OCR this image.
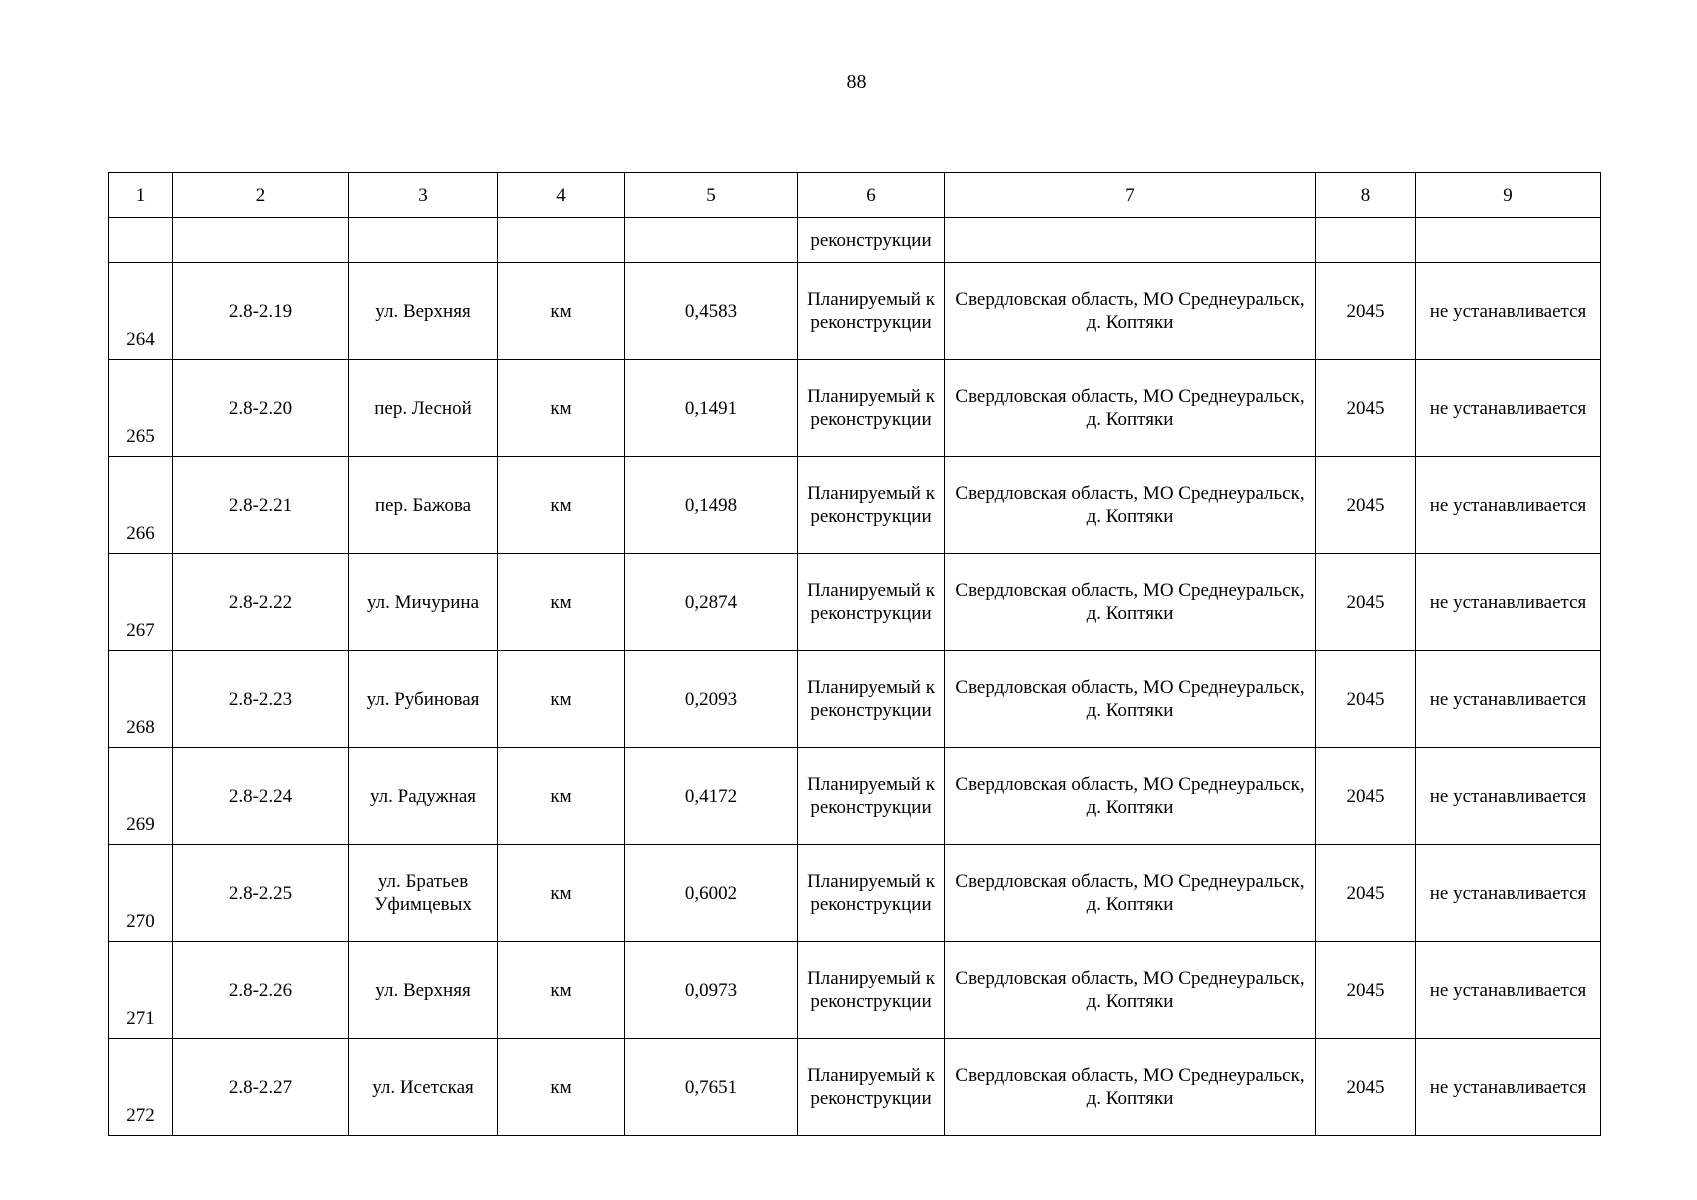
88
1	2	3	4	5	6	7	8	9
					реконструкции			
264	2.8-2.19	ул. Верхняя	км	0,4583	Планируемый к реконструкции	Свердловская область, МО Среднеуральск, д. Коптяки	2045	не устанавливается
265	2.8-2.20	пер. Лесной	км	0,1491	Планируемый к реконструкции	Свердловская область, МО Среднеуральск, д. Коптяки	2045	не устанавливается
266	2.8-2.21	пер. Бажова	км	0,1498	Планируемый к реконструкции	Свердловская область, МО Среднеуральск, д. Коптяки	2045	не устанавливается
267	2.8-2.22	ул. Мичурина	км	0,2874	Планируемый к реконструкции	Свердловская область, МО Среднеуральск, д. Коптяки	2045	не устанавливается
268	2.8-2.23	ул. Рубиновая	км	0,2093	Планируемый к реконструкции	Свердловская область, МО Среднеуральск, д. Коптяки	2045	не устанавливается
269	2.8-2.24	ул. Радужная	км	0,4172	Планируемый к реконструкции	Свердловская область, МО Среднеуральск, д. Коптяки	2045	не устанавливается
270	2.8-2.25	ул. Братьев Уфимцевых	км	0,6002	Планируемый к реконструкции	Свердловская область, МО Среднеуральск, д. Коптяки	2045	не устанавливается
271	2.8-2.26	ул. Верхняя	км	0,0973	Планируемый к реконструкции	Свердловская область, МО Среднеуральск, д. Коптяки	2045	не устанавливается
272	2.8-2.27	ул. Исетская	км	0,7651	Планируемый к реконструкции	Свердловская область, МО Среднеуральск, д. Коптяки	2045	не устанавливается
